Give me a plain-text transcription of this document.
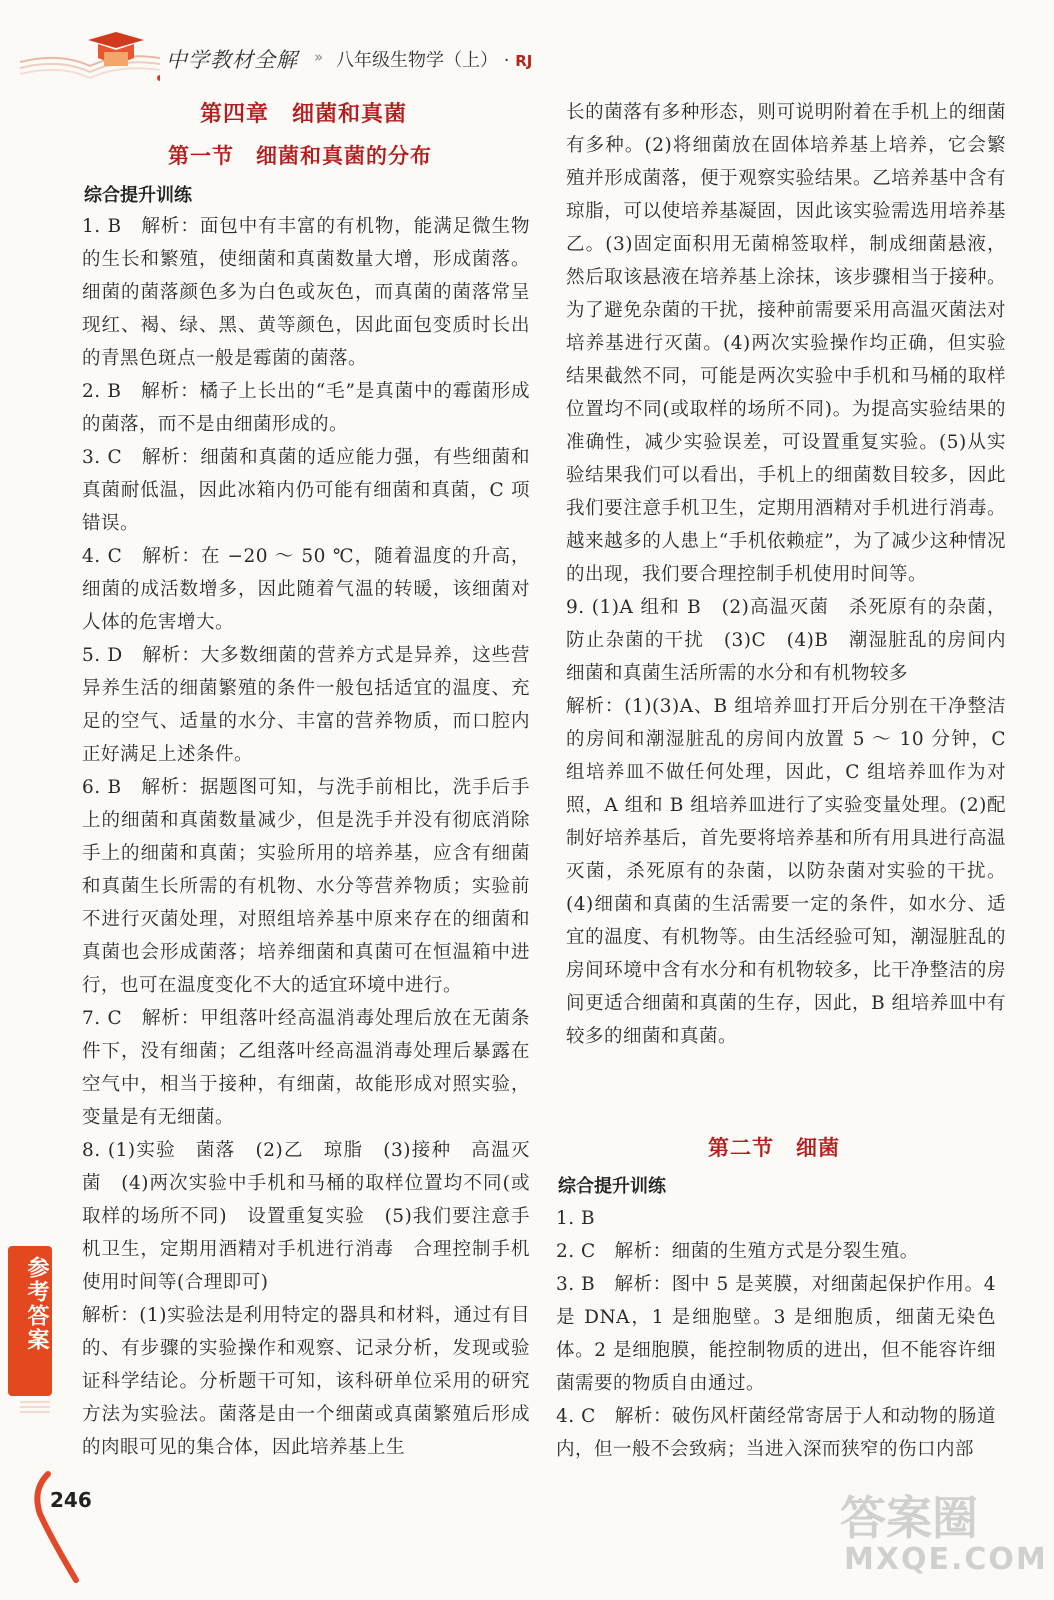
中学教材全解 » 八年级生物学（上） · RJ
第四章　细菌和真菌
第一节　细菌和真菌的分布
综合提升训练

1. B　解析：面包中有丰富的有机物，能满足微生物的生长和繁殖，使细菌和真菌数量大增，形成菌落。细菌的菌落颜色多为白色或灰色，而真菌的菌落常呈现红、褐、绿、黑、黄等颜色，因此面包变质时长出的青黑色斑点一般是霉菌的菌落。

2. B　解析：橘子上长出的“毛”是真菌中的霉菌形成的菌落，而不是由细菌形成的。

3. C　解析：细菌和真菌的适应能力强，有些细菌和真菌耐低温，因此冰箱内仍可能有细菌和真菌，C 项错误。

4. C　解析：在 −20 ～ 50 ℃，随着温度的升高，细菌的成活数增多，因此随着气温的转暖，该细菌对人体的危害增大。

5. D　解析：大多数细菌的营养方式是异养，这些营异养生活的细菌繁殖的条件一般包括适宜的温度、充足的空气、适量的水分、丰富的营养物质，而口腔内正好满足上述条件。

6. B　解析：据题图可知，与洗手前相比，洗手后手上的细菌和真菌数量减少，但是洗手并没有彻底消除手上的细菌和真菌；实验所用的培养基，应含有细菌和真菌生长所需的有机物、水分等营养物质；实验前不进行灭菌处理，对照组培养基中原来存在的细菌和真菌也会形成菌落；培养细菌和真菌可在恒温箱中进行，也可在温度变化不大的适宜环境中进行。

7. C　解析：甲组落叶经高温消毒处理后放在无菌条件下，没有细菌；乙组落叶经高温消毒处理后暴露在空气中，相当于接种，有细菌，故能形成对照实验，变量是有无细菌。

8. (1)实验　菌落　(2)乙　琼脂　(3)接种　高温灭菌　(4)两次实验中手机和马桶的取样位置均不同(或取样的场所不同)　设置重复实验　(5)我们要注意手机卫生，定期用酒精对手机进行消毒　合理控制手机使用时间等(合理即可)

解析：(1)实验法是利用特定的器具和材料，通过有目的、有步骤的实验操作和观察、记录分析，发现或验证科学结论。分析题干可知，该科研单位采用的研究方法为实验法。菌落是由一个细菌或真菌繁殖后形成的肉眼可见的集合体，因此培养基上生

长的菌落有多种形态，则可说明附着在手机上的细菌有多种。(2)将细菌放在固体培养基上培养，它会繁殖并形成菌落，便于观察实验结果。乙培养基中含有琼脂，可以使培养基凝固，因此该实验需选用培养基乙。(3)固定面积用无菌棉签取样，制成细菌悬液，然后取该悬液在培养基上涂抹，该步骤相当于接种。为了避免杂菌的干扰，接种前需要采用高温灭菌法对培养基进行灭菌。(4)两次实验操作均正确，但实验结果截然不同，可能是两次实验中手机和马桶的取样位置均不同(或取样的场所不同)。为提高实验结果的准确性，减少实验误差，可设置重复实验。(5)从实验结果我们可以看出，手机上的细菌数目较多，因此我们要注意手机卫生，定期用酒精对手机进行消毒。越来越多的人患上“手机依赖症”，为了减少这种情况的出现，我们要合理控制手机使用时间等。

9. (1)A 组和 B　(2)高温灭菌　杀死原有的杂菌，防止杂菌的干扰　(3)C　(4)B　潮湿脏乱的房间内细菌和真菌生活所需的水分和有机物较多

解析：(1)(3)A、B 组培养皿打开后分别在干净整洁的房间和潮湿脏乱的房间内放置 5 ～ 10 分钟，C 组培养皿不做任何处理，因此，C 组培养皿作为对照，A 组和 B 组培养皿进行了实验变量处理。(2)配制好培养基后，首先要将培养基和所有用具进行高温灭菌，杀死原有的杂菌，以防杂菌对实验的干扰。(4)细菌和真菌的生活需要一定的条件，如水分、适宜的温度、有机物等。由生活经验可知，潮湿脏乱的房间环境中含有水分和有机物较多，比干净整洁的房间更适合细菌和真菌的生存，因此，B 组培养皿中有较多的细菌和真菌。

第二节　细菌
综合提升训练

1. B

2. C　解析：细菌的生殖方式是分裂生殖。

3. B　解析：图中 5 是荚膜，对细菌起保护作用。4 是 DNA，1 是细胞壁。3 是细胞质，细菌无染色体。2 是细胞膜，能控制物质的进出，但不能容许细菌需要的物质自由通过。

4. C　解析：破伤风杆菌经常寄居于人和动物的肠道内，但一般不会致病；当进入深而狭窄的伤口内部

参考答案
246	答案圈
MXQE.COM
